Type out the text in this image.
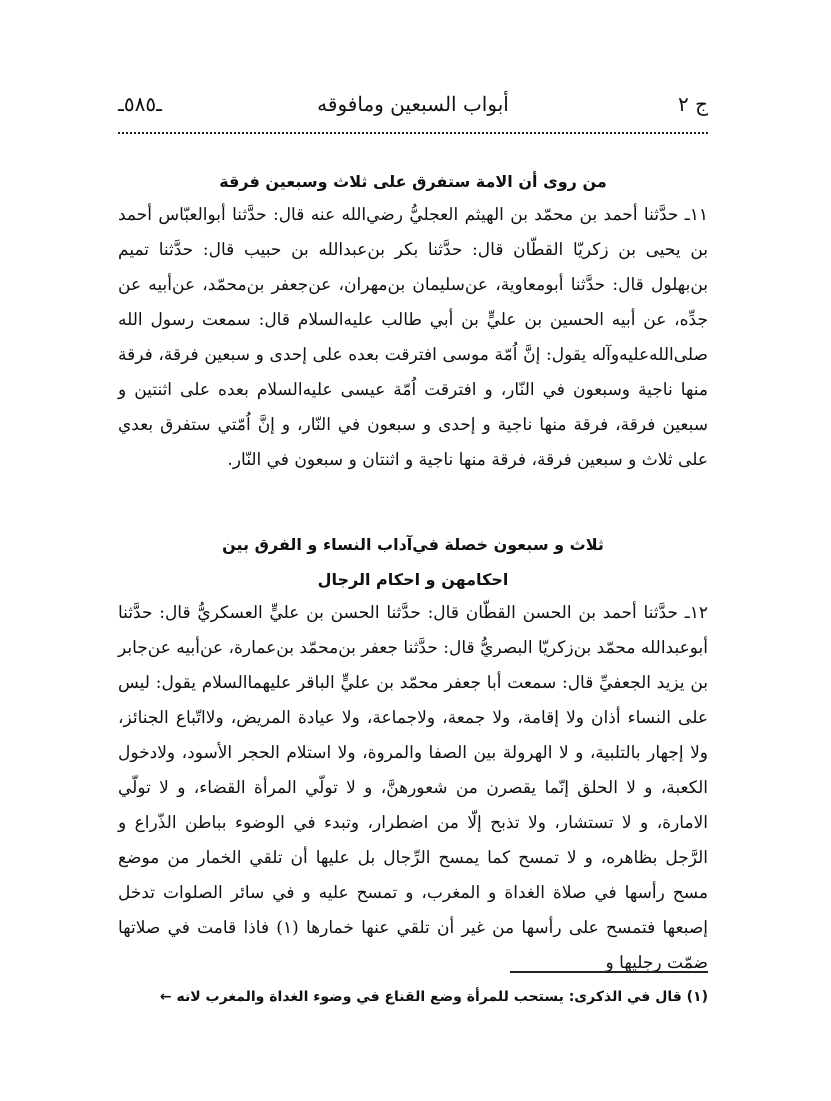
ج ٢
أبواب السبعين ومافوقه
ـ٥٨٥ـ
من روى أن الامة ستفرق على ثلاث وسبعين فرقة

١١ـ حدَّثنا أحمد بن محمّد بن الهيثم العجليُّ رضي‌الله عنه قال: حدَّثنا أبوالعبّاس أحمد بن يحيى بن زكريّا القطّان قال: حدَّثنا بكر بن‌عبدالله بن حبيب قال: حدَّثنا تميم بن‌بهلول قال: حدَّثنا أبومعاوية، عن‌سليمان بن‌مهران، عن‌جعفر بن‌محمّد، عن‌أبيه عن جدِّه، عن أبيه الحسين بن عليٍّ بن أبي طالب عليه‌السلام قال: سمعت رسول الله صلى‌الله‌عليه‌وآله يقول: إنَّ اُمّة موسى افترقت بعده على إحدى و سبعين فرقة، فرقة منها ناجية وسبعون في النّار، و افترقت اُمّة عيسى عليه‌السلام بعده على اثنتين و سبعين فرقة، فرقة منها ناجية و إحدى و سبعون في النّار، و إنَّ اُمّتي ستفرق بعدي على ثلاث و سبعين فرقة، فرقة منها ناجية و اثنتان و سبعون في النّار.

ثلاث و سبعون خصلة في‌آداب النساء و الفرق بين
احكامهن و احكام الرجال

١٢ـ حدَّثنا أحمد بن الحسن القطّان قال: حدَّثنا الحسن بن عليٍّ العسكريُّ قال: حدَّثنا أبوعبدالله محمّد بن‌زكريّا البصريُّ قال: حدَّثنا جعفر بن‌محمّد بن‌عمارة، عن‌أبيه عن‌جابر بن يزيد الجعفيِّ قال: سمعت أبا جعفر محمّد بن عليٍّ الباقر عليهما‌السلام يقول: ليس على النساء أذان ولا إقامة، ولا جمعة، ولاجماعة، ولا عيادة المريض، ولااتّباع الجنائز، ولا إجهار بالتلبية، و لا الهرولة بين الصفا والمروة، ولا استلام الحجر الأسود، ولادخول الكعبة، و لا الحلق إنّما يقصرن من شعورهنَّ، و لا تولّي المرأة القضاء، و لا تولّي الامارة، و لا تستشار، ولا تذبح إلّا من اضطرار، وتبدء في الوضوء بباطن الذّراع و الرَّجل بظاهره، و لا تمسح كما يمسح الرِّجال بل عليها أن تلقي الخمار من موضع مسح رأسها في صلاة الغداة و المغرب، و تمسح عليه و في سائر الصلوات تدخل إصبعها فتمسح على رأسها من غير أن تلقي عنها خمارها (١) فاذا قامت في صلاتها ضمّت رجليها و

(١) قال في الذكرى: يستحب للمرأة وضع القناع في وضوء الغداة والمغرب لانه ←
